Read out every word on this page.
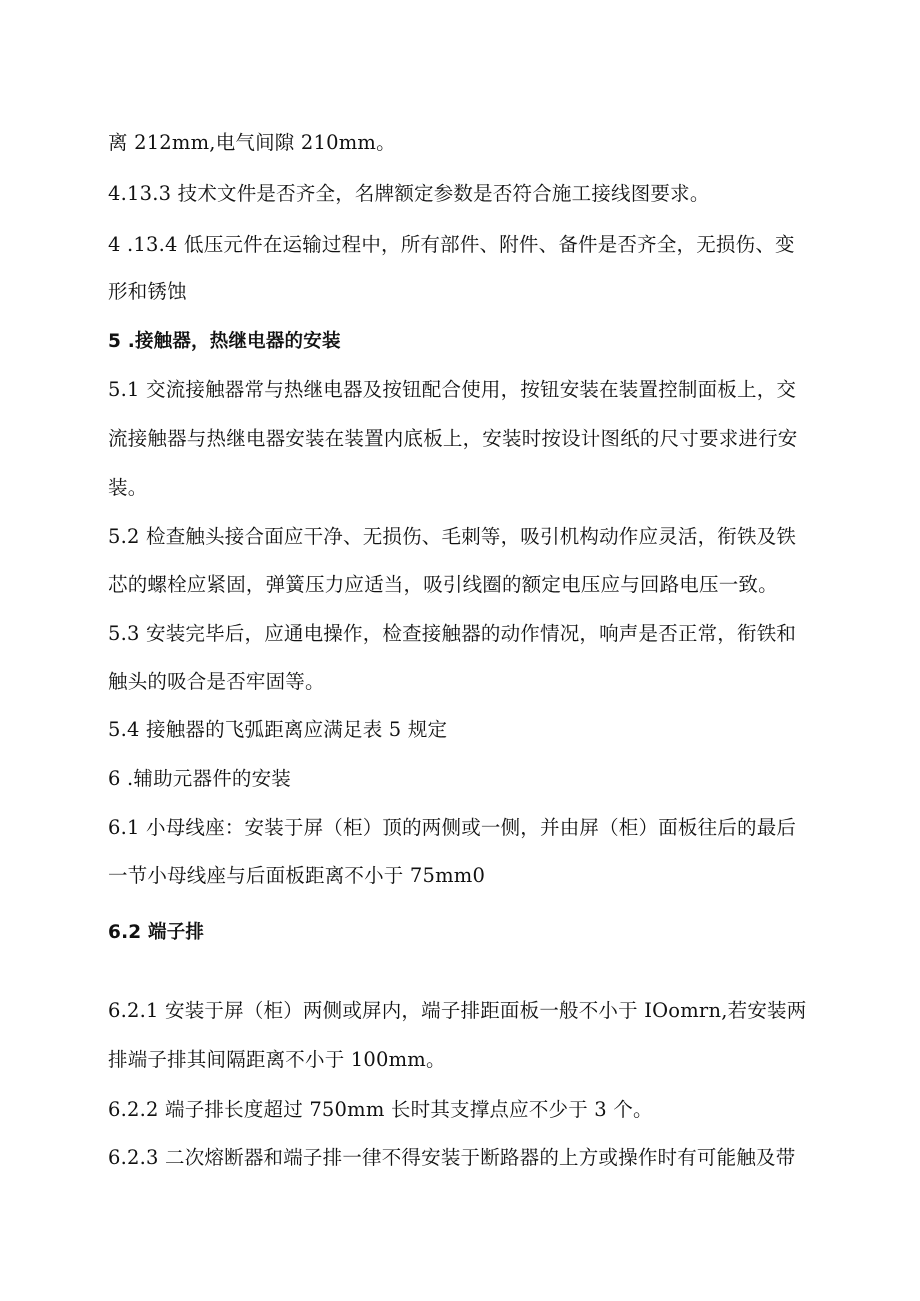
离 212mm,电气间隙 210mm。
4.13.3 技术文件是否齐全，名牌额定参数是否符合施工接线图要求。
4 .13.4 低压元件在运输过程中，所有部件、附件、备件是否齐全，无损伤、变
形和锈蚀
5 .接触器，热继电器的安装
5.1 交流接触器常与热继电器及按钮配合使用，按钮安装在装置控制面板上，交
流接触器与热继电器安装在装置内底板上，安装时按设计图纸的尺寸要求进行安
装。
5.2 检查触头接合面应干净、无损伤、毛刺等，吸引机构动作应灵活，衔铁及铁
芯的螺栓应紧固，弹簧压力应适当，吸引线圈的额定电压应与回路电压一致。
5.3 安装完毕后，应通电操作，检查接触器的动作情况，响声是否正常，衔铁和
触头的吸合是否牢固等。
5.4 接触器的飞弧距离应满足表 5 规定
6 .辅助元器件的安装
6.1 小母线座：安装于屏（柜）顶的两侧或一侧，并由屏（柜）面板往后的最后
一节小母线座与后面板距离不小于 75mm0
6.2 端子排
6.2.1 安装于屏（柜）两侧或屏内，端子排距面板一般不小于 IOomrn,若安装两
排端子排其间隔距离不小于 100mm。
6.2.2 端子排长度超过 750mm 长时其支撑点应不少于 3 个。
6.2.3 二次熔断器和端子排一律不得安装于断路器的上方或操作时有可能触及带
